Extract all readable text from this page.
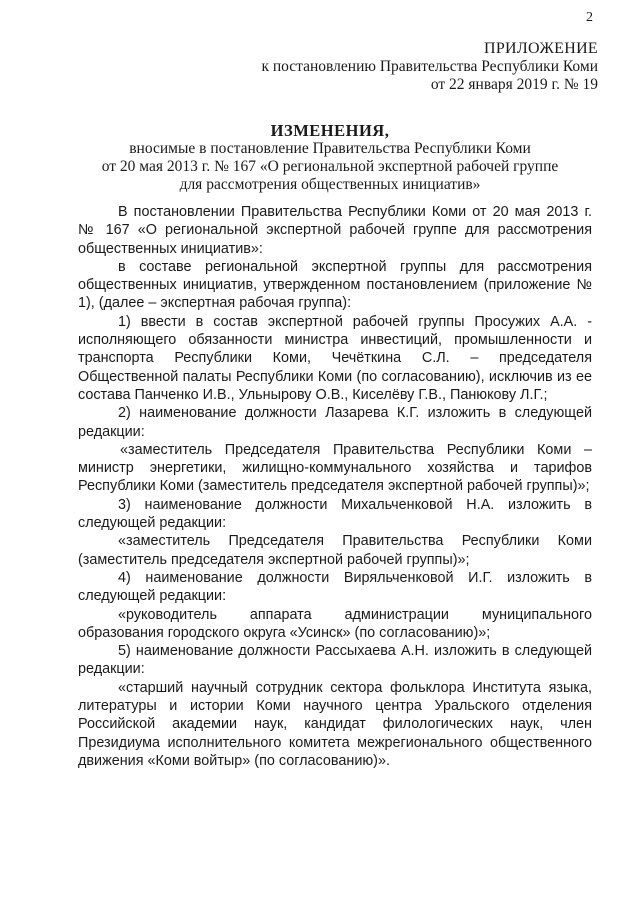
2
ПРИЛОЖЕНИЕ
к постановлению Правительства Республики Коми
от 22 января 2019 г. № 19
ИЗМЕНЕНИЯ,
вносимые в постановление Правительства Республики Коми
от 20 мая 2013 г. № 167 «О региональной экспертной рабочей группе
для рассмотрения общественных инициатив»

В постановлении Правительства Республики Коми от 20 мая 2013 г. № 167 «О региональной экспертной рабочей группе для рассмотрения общественных инициатив»:

в составе региональной экспертной группы для рассмотрения общественных инициатив, утвержденном постановлением (приложение № 1), (далее – экспертная рабочая группа):

1) ввести в состав экспертной рабочей группы Просужих А.А. - исполняющего обязанности министра инвестиций, промышленности и транспорта Республики Коми, Чечёткина С.Л. – председателя Общественной палаты Республики Коми (по согласованию), исключив из ее состава Панченко И.В., Ульнырову О.В., Киселёву Г.В., Панюкову Л.Г.;

2) наименование должности Лазарева К.Г. изложить в следующей редакции:

«заместитель Председателя Правительства Республики Коми – министр энергетики, жилищно-коммунального хозяйства и тарифов Республики Коми (заместитель председателя экспертной рабочей группы)»;

3) наименование должности Михальченковой Н.А. изложить в следующей редакции:

«заместитель Председателя Правительства Республики Коми (заместитель председателя экспертной рабочей группы)»;

4) наименование должности Виряльченковой И.Г. изложить в следующей редакции:

«руководитель аппарата администрации муниципального образования городского округа «Усинск» (по согласованию)»;

5) наименование должности Рассыхаева А.Н. изложить в следующей редакции:

«старший научный сотрудник сектора фольклора Института языка, литературы и истории Коми научного центра Уральского отделения Российской академии наук, кандидат филологических наук, член Президиума исполнительного комитета межрегионального общественного движения «Коми войтыр» (по согласованию)».
